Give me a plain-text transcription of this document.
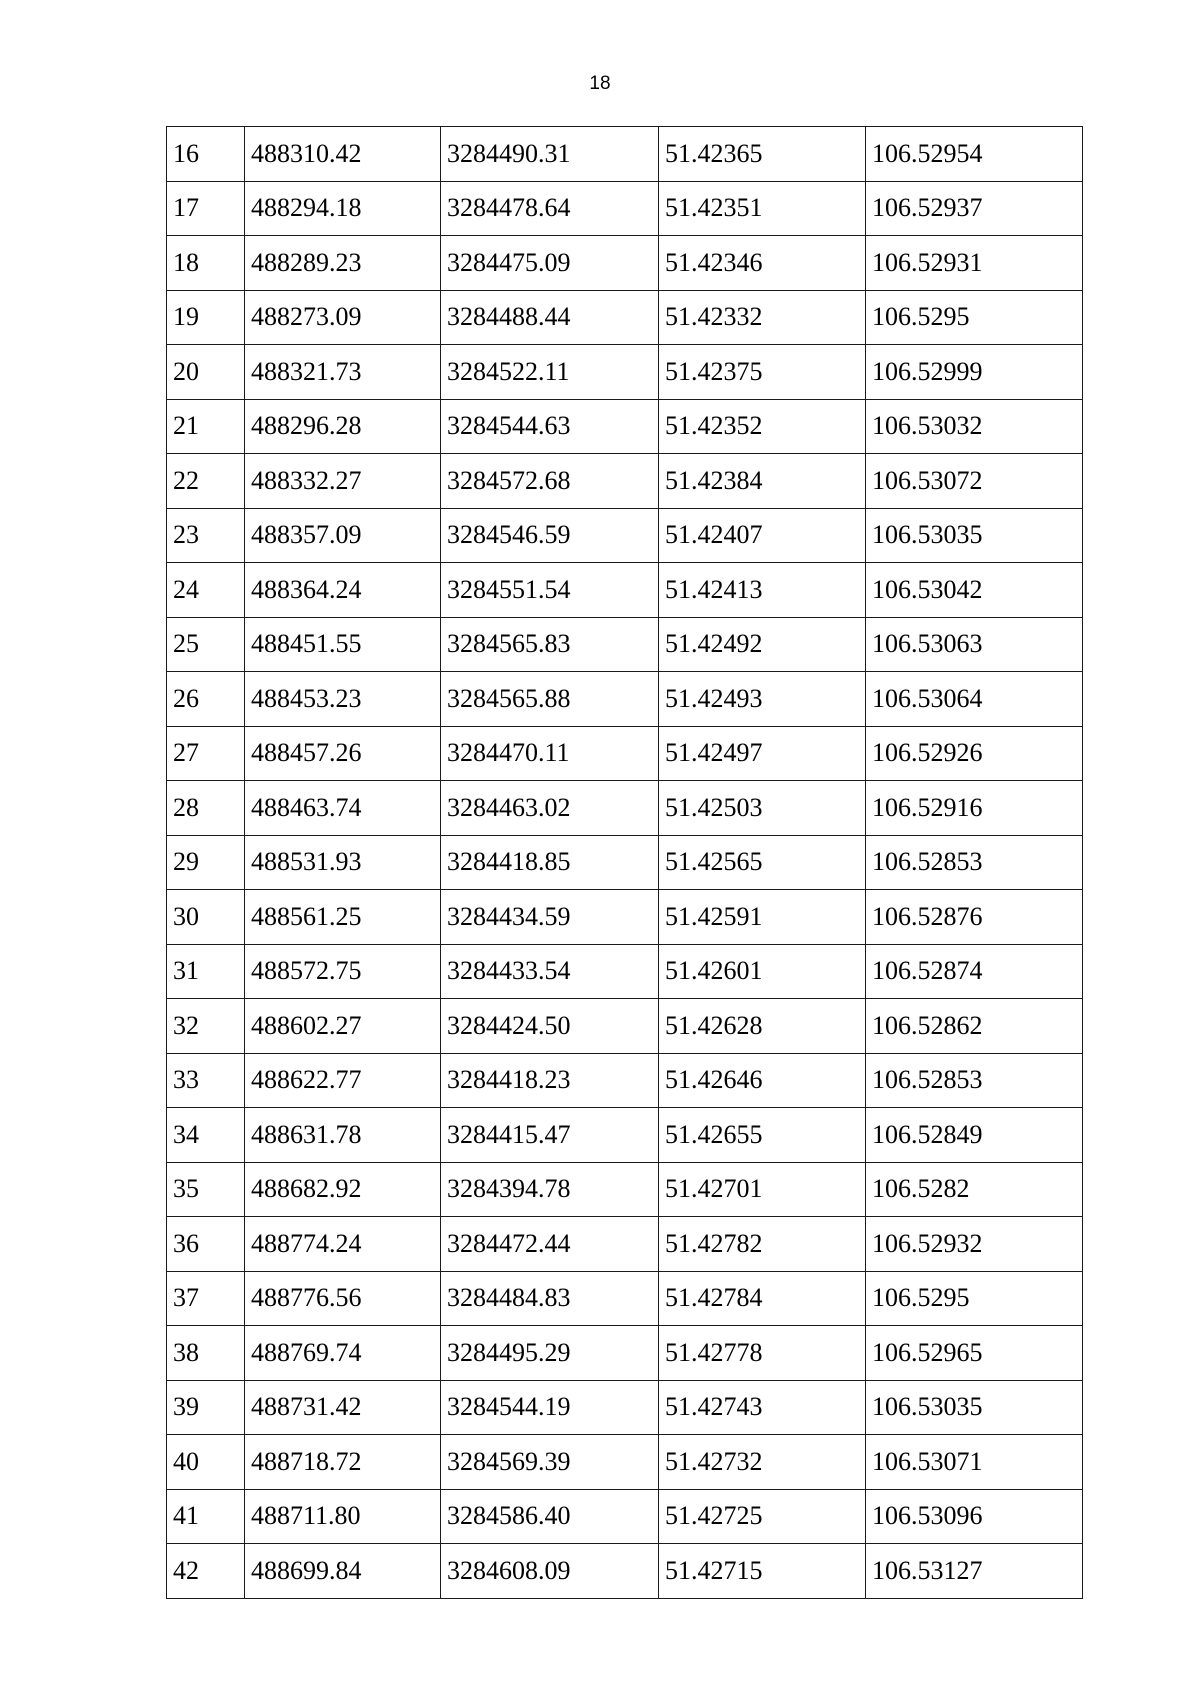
18
16	488310.42	3284490.31	51.42365	106.52954
17	488294.18	3284478.64	51.42351	106.52937
18	488289.23	3284475.09	51.42346	106.52931
19	488273.09	3284488.44	51.42332	106.5295
20	488321.73	3284522.11	51.42375	106.52999
21	488296.28	3284544.63	51.42352	106.53032
22	488332.27	3284572.68	51.42384	106.53072
23	488357.09	3284546.59	51.42407	106.53035
24	488364.24	3284551.54	51.42413	106.53042
25	488451.55	3284565.83	51.42492	106.53063
26	488453.23	3284565.88	51.42493	106.53064
27	488457.26	3284470.11	51.42497	106.52926
28	488463.74	3284463.02	51.42503	106.52916
29	488531.93	3284418.85	51.42565	106.52853
30	488561.25	3284434.59	51.42591	106.52876
31	488572.75	3284433.54	51.42601	106.52874
32	488602.27	3284424.50	51.42628	106.52862
33	488622.77	3284418.23	51.42646	106.52853
34	488631.78	3284415.47	51.42655	106.52849
35	488682.92	3284394.78	51.42701	106.5282
36	488774.24	3284472.44	51.42782	106.52932
37	488776.56	3284484.83	51.42784	106.5295
38	488769.74	3284495.29	51.42778	106.52965
39	488731.42	3284544.19	51.42743	106.53035
40	488718.72	3284569.39	51.42732	106.53071
41	488711.80	3284586.40	51.42725	106.53096
42	488699.84	3284608.09	51.42715	106.53127
